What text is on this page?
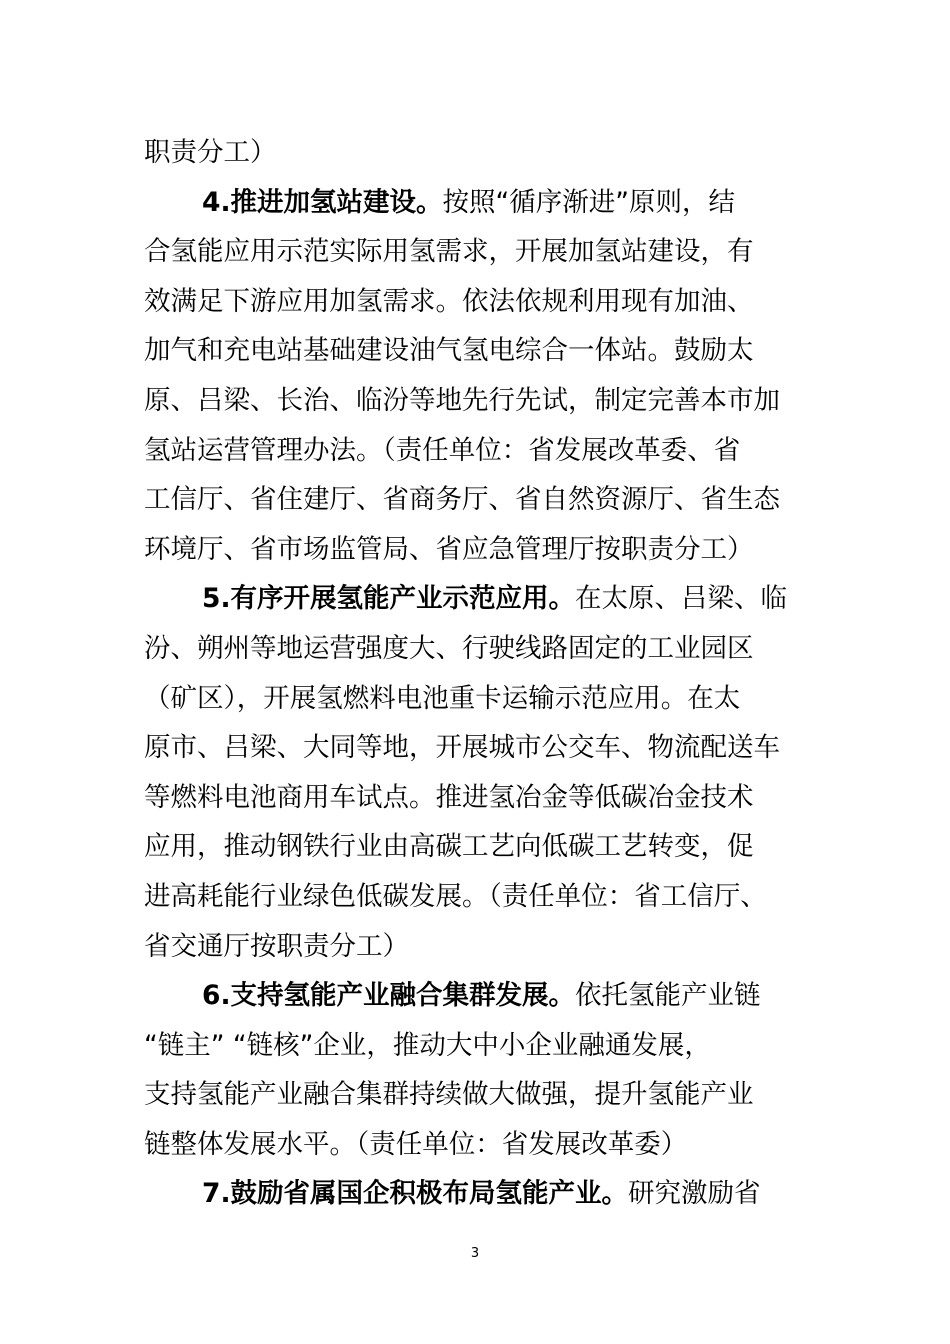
职责分工）
4.推进加氢站建设。按照“循序渐进”原则，结
合氢能应用示范实际用氢需求，开展加氢站建设，有
效满足下游应用加氢需求。依法依规利用现有加油、
加气和充电站基础建设油气氢电综合一体站。鼓励太
原、吕梁、长治、临汾等地先行先试，制定完善本市加
氢站运营管理办法。（责任单位：省发展改革委、省
工信厅、省住建厅、省商务厅、省自然资源厅、省生态
环境厅、省市场监管局、省应急管理厅按职责分工）
5.有序开展氢能产业示范应用。在太原、吕梁、临
汾、朔州等地运营强度大、行驶线路固定的工业园区
（矿区），开展氢燃料电池重卡运输示范应用。在太
原市、吕梁、大同等地，开展城市公交车、物流配送车
等燃料电池商用车试点。推进氢冶金等低碳冶金技术
应用，推动钢铁行业由高碳工艺向低碳工艺转变，促
进高耗能行业绿色低碳发展。（责任单位：省工信厅、
省交通厅按职责分工）
6.支持氢能产业融合集群发展。依托氢能产业链
“链主” “链核”企业，推动大中小企业融通发展，
支持氢能产业融合集群持续做大做强，提升氢能产业
链整体发展水平。（责任单位：省发展改革委）
7.鼓励省属国企积极布局氢能产业。研究激励省
3
